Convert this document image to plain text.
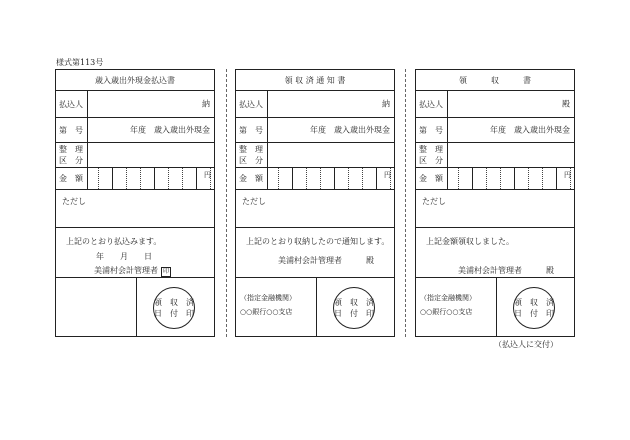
様式第113号
歳入歳出外現金払込書
払込人	納
第　号	年度　歳入歳出外現金
整　理
区　分
金　額	円
ただし
上記のとおり払込みます。
年　　月　　日
美浦村会計管理者 印
領　収　済
日　付　印
領 収 済 通 知 書
払込人	納
第　号	年度　歳入歳出外現金
整　理
区　分
金　額	円
ただし
上記のとおり収納したので通知します。
美浦村会計管理者　　　殿
（指定金融機関）
○○銀行○○支店
領　収　済
日　付　印
領　　　収　　　書
払込人	殿
第　号	年度　歳入歳出外現金
整　理
区　分
金　額	円
ただし
上記金額領収しました。
美浦村会計管理者　　　殿
（指定金融機関）
○○銀行○○支店
領　収　済
日　付　印
（払込人に交付）
